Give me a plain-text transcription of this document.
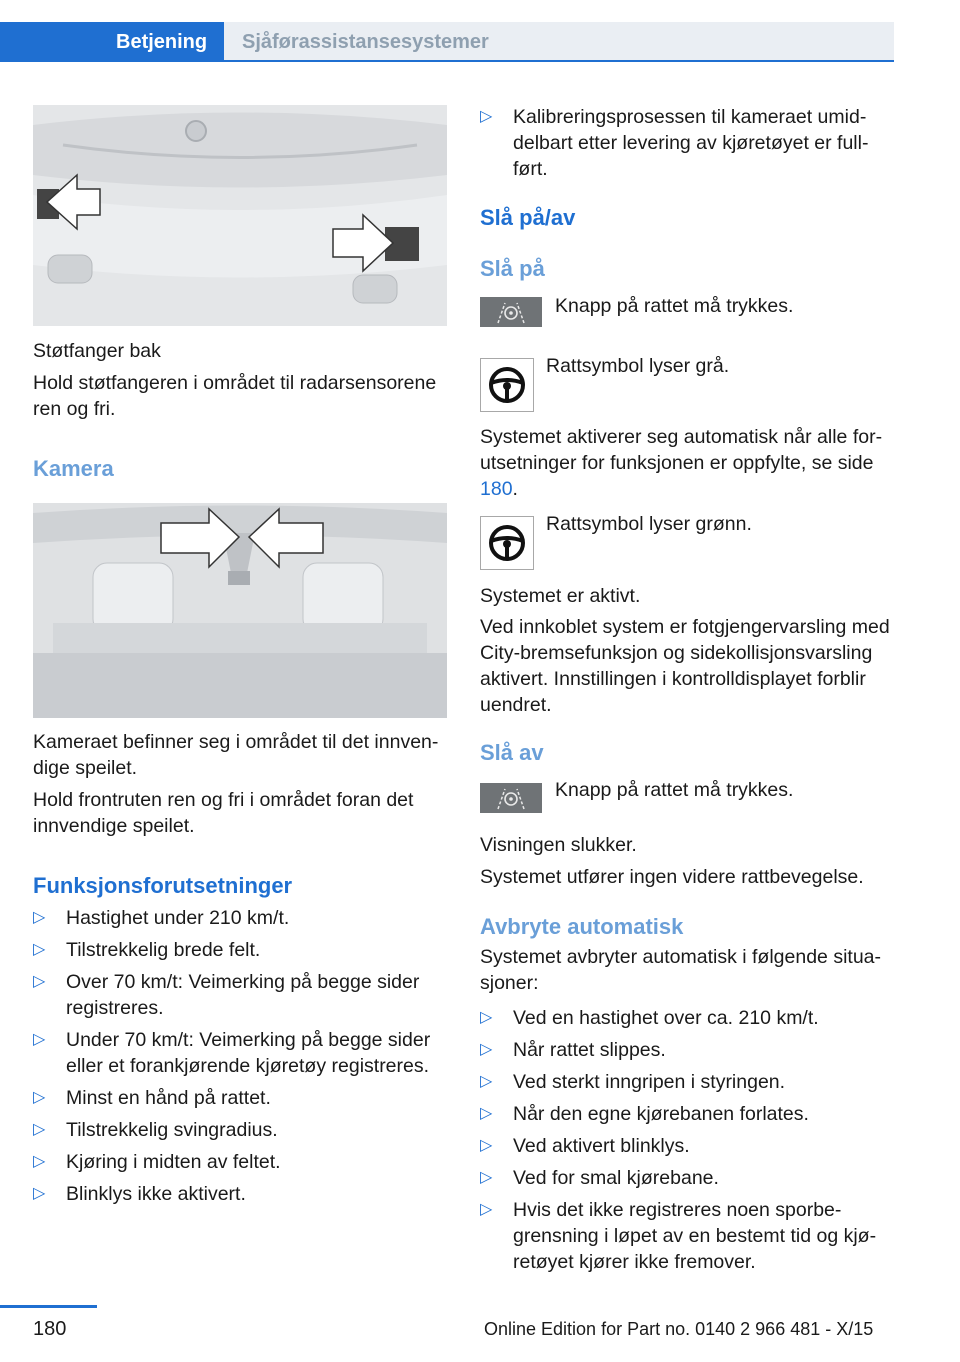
Betjening	Sjåførassistansesystemer

Støtfanger bak

Hold støtfangeren i området til radarsensorene ren og fri.

Kamera

Kameraet befinner seg i området til det innvendige speilet.

Hold frontruten ren og fri i området foran det innvendige speilet.

Funksjonsforutsetninger
▷ Hastighet under 210 km/t.
▷ Tilstrekkelig brede felt.
▷ Over 70 km/t: Veimerking på begge sider registreres.
▷ Under 70 km/t: Veimerking på begge sider eller et forankjørende kjøretøy registreres.
▷ Minst en hånd på rattet.
▷ Tilstrekkelig svingradius.
▷ Kjøring i midten av feltet.
▷ Blinklys ikke aktivert.
▷ Kalibreringsprosessen til kameraet umiddelbart etter levering av kjøretøyet er fullført.
Slå på/av
Slå på

Knapp på rattet må trykkes.

Rattsymbol lyser grå.

Systemet aktiverer seg automatisk når alle forutsetninger for funksjonen er oppfylte, se side 180.

Rattsymbol lyser grønn.

Systemet er aktivt.

Ved innkoblet system er fotgjengervarsling med City-bremsefunksjon og sidekollisjonsvarsling aktivert. Innstillingen i kontrolldisplayet forblir uendret.

Slå av

Knapp på rattet må trykkes.

Visningen slukker.

Systemet utfører ingen videre rattbevegelse.

Avbryte automatisk

Systemet avbryter automatisk i følgende situasjoner:

▷ Ved en hastighet over ca. 210 km/t.
▷ Når rattet slippes.
▷ Ved sterkt inngripen i styringen.
▷ Når den egne kjørebanen forlates.
▷ Ved aktivert blinklys.
▷ Ved for smal kjørebane.
▷ Hvis det ikke registreres noen sporbegrensning i løpet av en bestemt tid og kjøretøyet kjører ikke fremover.
180	Online Edition for Part no. 0140 2 966 481 - X/15
